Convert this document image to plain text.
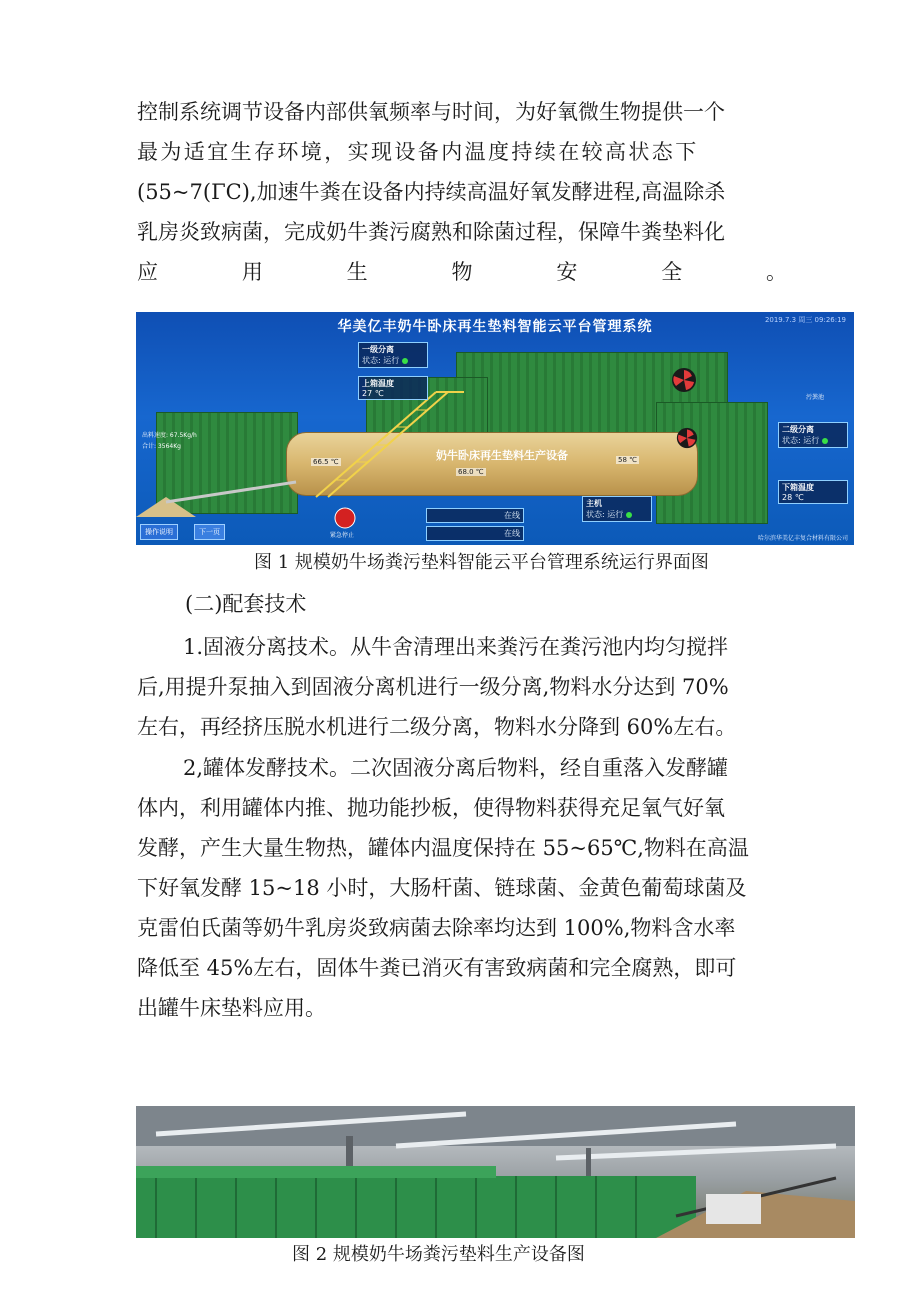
控制系统调节设备内部供氧频率与时间，为好氧微生物提供一个
最为适宜生存环境，实现设备内温度持续在较高状态下
(55~7(ΓC),加速牛粪在设备内持续高温好氧发酵进程,高温除杀
乳房炎致病菌，完成奶牛粪污腐熟和除菌过程，保障牛粪垫料化
应	用	生	物	安	全	。
华美亿丰奶牛卧床再生垫料智能云平台管理系统	2019.7.3 周三 09:26:19
奶牛卧床再生垫料生产设备
66.5 ℃
68.0 ℃
58 ℃
一级分离
状态: 运行
上箱温度
27 ℃
二级分离
状态: 运行
下箱温度
28 ℃
主机
状态: 运行
出料速度: 67.5Kg/h
合计: 3564Kg
污粪池
操作说明	下一页	紧急停止
在线
在线
哈尔滨华美亿丰复合材料有限公司
图 1 规模奶牛场粪污垫料智能云平台管理系统运行界面图
(二)配套技术
1.固液分离技术。从牛舍清理出来粪污在粪污池内均匀搅拌
后,用提升泵抽入到固液分离机进行一级分离,物料水分达到 70%
左右，再经挤压脱水机进行二级分离，物料水分降到 60%左右。
2,罐体发酵技术。二次固液分离后物料，经自重落入发酵罐
体内，利用罐体内推、抛功能抄板，使得物料获得充足氧气好氧
发酵，产生大量生物热，罐体内温度保持在 55~65℃,物料在高温
下好氧发酵 15~18 小时，大肠杆菌、链球菌、金黄色葡萄球菌及
克雷伯氏菌等奶牛乳房炎致病菌去除率均达到 100%,物料含水率
降低至 45%左右，固体牛粪已消灭有害致病菌和完全腐熟，即可
出罐牛床垫料应用。
图 2 规模奶牛场粪污垫料生产设备图
